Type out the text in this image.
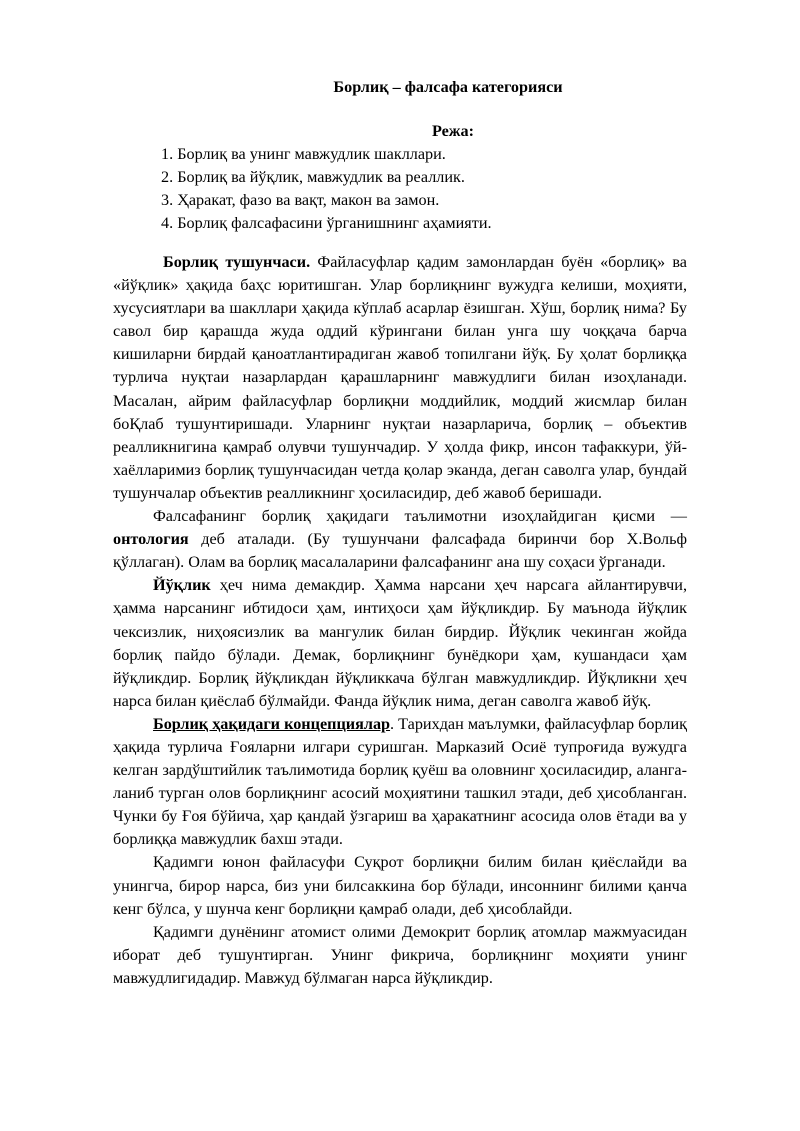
Борлиқ – фалсафа категорияси
Режа:
1. Борлиқ ва унинг мавжудлик шакллари.
2. Борлиқ ва йўқлик, мавжудлик ва реаллик.
3. Ҳаракат, фазо ва вақт, макон ва замон.
4. Борлиқ фалсафасини ўрганишнинг аҳамияти.

Борлиқ тушунчаси. Файласуфлар қадим замонлардан буён «борлиқ» ва «йўқлик» ҳақида баҳс юритишган. Улар борлиқнинг вужудга келиши, моҳияти, хусусиятлари ва шакллари ҳақида кўплаб асарлар ёзишган. Хўш, борлиқ нима? Бу савол бир қарашда жуда оддий кўрингани билан унга шу чоққача барча кишиларни бирдай қаноатлантирадиган жавоб топилгани йўқ. Бу ҳолат борлиққа турлича нуқтаи назарлардан қарашларнинг мавжудлиги билан изоҳланади. Масалан, айрим файласуфлар борлиқни моддийлик, моддий жисмлар билан боҚлаб тушунтиришади. Уларнинг нуқтаи назарларича, борлиқ – объектив реалликнигина қамраб олувчи тушунчадир. У ҳолда фикр, инсон тафаккури, ўй-хаёлларимиз борлиқ тушунчасидан четда қолар эканда, деган саволга улар, бундай тушунчалар объектив реалликнинг ҳосиласидир, деб жавоб беришади.

Фалсафанинг борлиқ ҳақидаги таълимотни изоҳлайдиган қисми — онтология деб аталади. (Бу тушунчани фалсафада биринчи бор Х.Вольф қўллаган). Олам ва борлиқ масалаларини фалсафанинг ана шу соҳаси ўрганади.

Йўқлик ҳеч нима демакдир. Ҳамма нарсани ҳеч нарсага айлантирувчи, ҳамма нарсанинг ибтидоси ҳам, интиҳоси ҳам йўқликдир. Бу маънода йўқлик чексизлик, ниҳоясизлик ва мангулик билан бирдир. Йўқлик чекинган жойда борлиқ пайдо бўлади. Демак, борлиқнинг бунёдкори ҳам, кушандаси ҳам йўқликдир. Борлиқ йўқликдан йўқликкача бўлган мавжудликдир. Йўқликни ҳеч нарса билан қиёслаб бўлмайди. Фанда йўқлик нима, деган саволга жавоб йўқ.

Борлиқ ҳақидаги концепциялар. Тарихдан маълумки, файласуфлар борлиқ ҳақида турлича Ғояларни илгари суришган. Марказий Осиё тупроғида вужудга келган зардўштийлик таълимотида борлиқ қуёш ва оловнинг ҳосиласидир, алангаланиб турган олов борлиқнинг асосий моҳиятини ташкил этади, деб ҳисобланган. Чунки бу Ғоя бўйича, ҳар қандай ўзгариш ва ҳаракатнинг асосида олов ётади ва у борлиққа мавжудлик бахш этади.

Қадимги юнон файласуфи Суқрот борлиқни билим билан қиёслайди ва унингча, бирор нарса, биз уни билсаккина бор бўлади, инсоннинг билими қанча кенг бўлса, у шунча кенг борлиқни қамраб олади, деб ҳисоблайди.

Қадимги дунёнинг атомист олими Демокрит борлиқ атомлар мажмуасидан иборат деб тушунтирган. Унинг фикрича, борлиқнинг моҳияти унинг мавжудлигидадир. Мавжуд бўлмаган нарса йўқликдир.
